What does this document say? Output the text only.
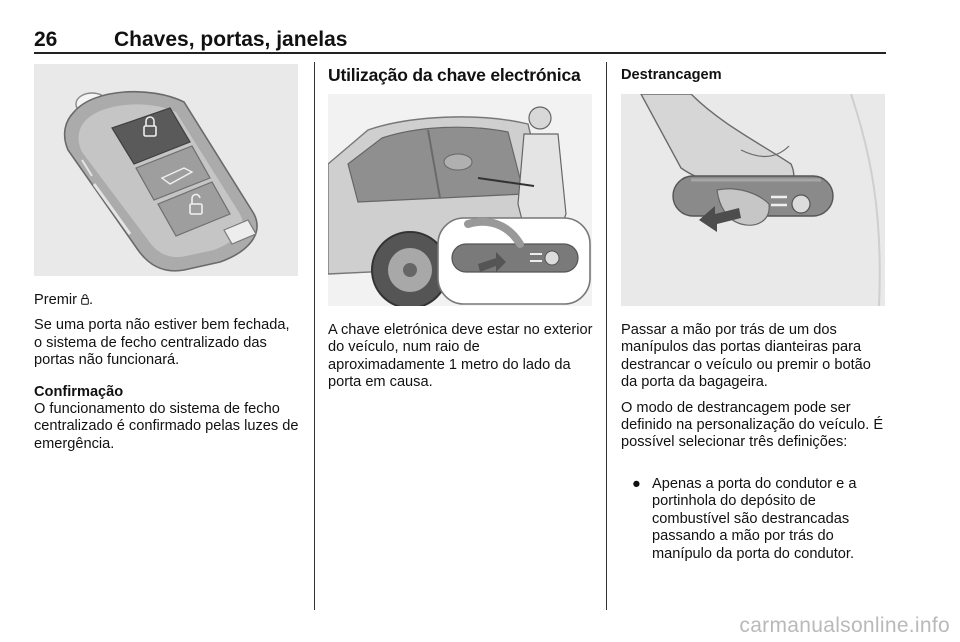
26	Chaves, portas, janelas

Premir .

Se uma porta não estiver bem fechada, o sistema de fecho centralizado das portas não funcionará.

Confirmação

O funcionamento do sistema de fecho centralizado é confirmado pelas luzes de emergência.

Utilização da chave electrónica

A chave eletrónica deve estar no exterior do veículo, num raio de aproximadamente 1 metro do lado da porta em causa.

Destrancagem

Passar a mão por trás de um dos manípulos das portas dianteiras para destrancar o veículo ou premir o botão da porta da bagageira.

O modo de destrancagem pode ser definido na personalização do veículo. É possível selecionar três definições:

● Apenas a porta do condutor e a portinhola do depósito de combustível são destrancadas passando a mão por trás do manípulo da porta do condutor.
carmanualsonline.info
